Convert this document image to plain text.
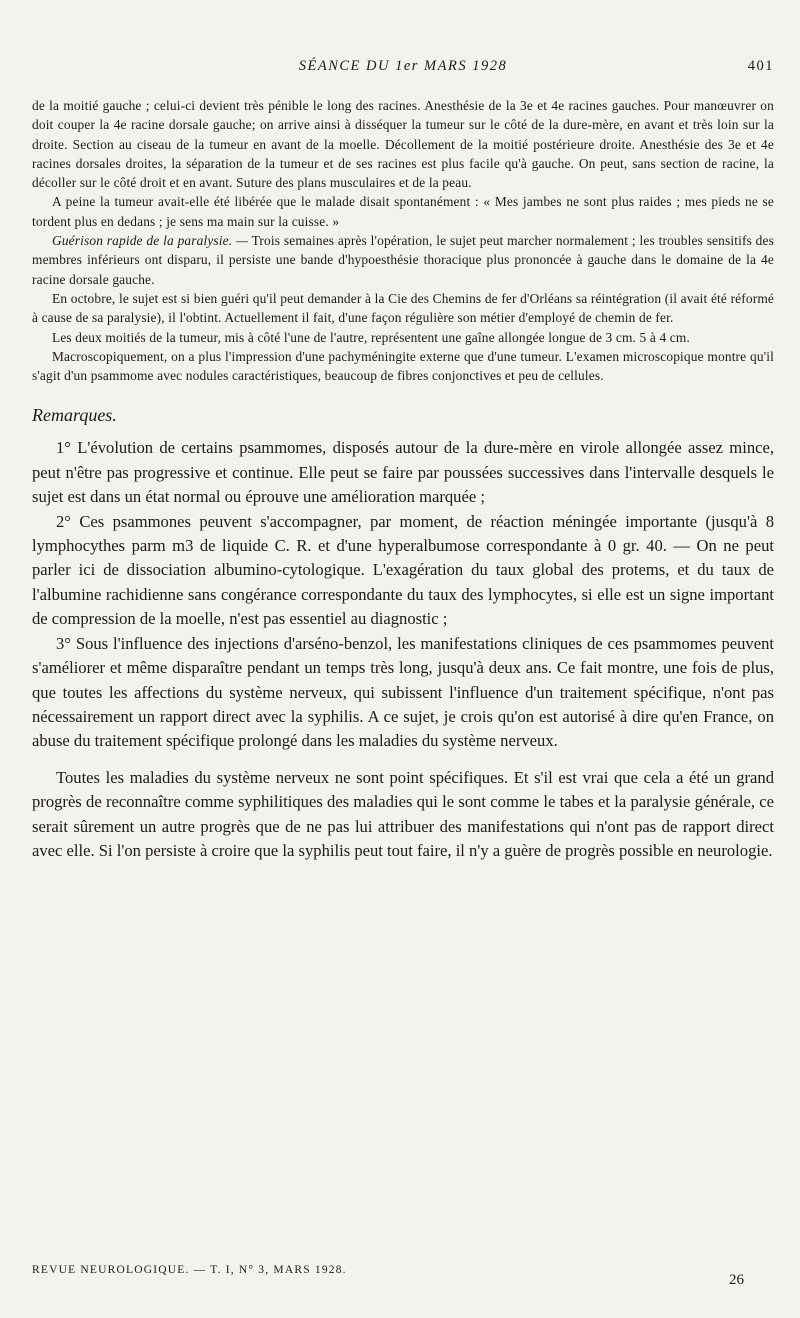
SÉANCE DU 1er MARS 1928	401

de la moitié gauche ; celui-ci devient très pénible le long des racines. Anesthésie de la 3e et 4e racines gauches. Pour manœuvrer on doit couper la 4e racine dorsale gauche; on arrive ainsi à disséquer la tumeur sur le côté de la dure-mère, en avant et très loin sur la droite. Section au ciseau de la tumeur en avant de la moelle. Décollement de la moitié postérieure droite. Anesthésie des 3e et 4e racines dorsales droites, la séparation de la tumeur et de ses racines est plus facile qu'à gauche. On peut, sans section de racine, la décoller sur le côté droit et en avant. Suture des plans musculaires et de la peau.

A peine la tumeur avait-elle été libérée que le malade disait spontanément : « Mes jambes ne sont plus raides ; mes pieds ne se tordent plus en dedans ; je sens ma main sur la cuisse. »

Guérison rapide de la paralysie. — Trois semaines après l'opération, le sujet peut marcher normalement ; les troubles sensitifs des membres inférieurs ont disparu, il persiste une bande d'hypoesthésie thoracique plus prononcée à gauche dans le domaine de la 4e racine dorsale gauche.

En octobre, le sujet est si bien guéri qu'il peut demander à la Cie des Chemins de fer d'Orléans sa réintégration (il avait été réformé à cause de sa paralysie), il l'obtint. Actuellement il fait, d'une façon régulière son métier d'employé de chemin de fer.

Les deux moitiés de la tumeur, mis à côté l'une de l'autre, représentent une gaîne allongée longue de 3 cm. 5 à 4 cm.

Macroscopiquement, on a plus l'impression d'une pachyméningite externe que d'une tumeur. L'examen microscopique montre qu'il s'agit d'un psammome avec nodules caractéristiques, beaucoup de fibres conjonctives et peu de cellules.

Remarques.

1° L'évolution de certains psammomes, disposés autour de la dure-mère en virole allongée assez mince, peut n'être pas progressive et continue. Elle peut se faire par poussées successives dans l'intervalle desquels le sujet est dans un état normal ou éprouve une amélioration marquée ;

2° Ces psammones peuvent s'accompagner, par moment, de réaction méningée importante (jusqu'à 8 lymphocythes parm m3 de liquide C. R. et d'une hyperalbumose correspondante à 0 gr. 40. — On ne peut parler ici de dissociation albumino-cytologique. L'exagération du taux global des protems, et du taux de l'albumine rachidienne sans congérance correspondante du taux des lymphocytes, si elle est un signe important de compression de la moelle, n'est pas essentiel au diagnostic ;

3° Sous l'influence des injections d'arséno-benzol, les manifestations cliniques de ces psammomes peuvent s'améliorer et même disparaître pendant un temps très long, jusqu'à deux ans. Ce fait montre, une fois de plus, que toutes les affections du système nerveux, qui subissent l'influence d'un traitement spécifique, n'ont pas nécessairement un rapport direct avec la syphilis. A ce sujet, je crois qu'on est autorisé à dire qu'en France, on abuse du traitement spécifique prolongé dans les maladies du système nerveux.

Toutes les maladies du système nerveux ne sont point spécifiques. Et s'il est vrai que cela a été un grand progrès de reconnaître comme syphilitiques des maladies qui le sont comme le tabes et la paralysie générale, ce serait sûrement un autre progrès que de ne pas lui attribuer des manifestations qui n'ont pas de rapport direct avec elle. Si l'on persiste à croire que la syphilis peut tout faire, il n'y a guère de progrès possible en neurologie.

REVUE NEUROLOGIQUE. — T. I, N° 3, MARS 1928.
26
